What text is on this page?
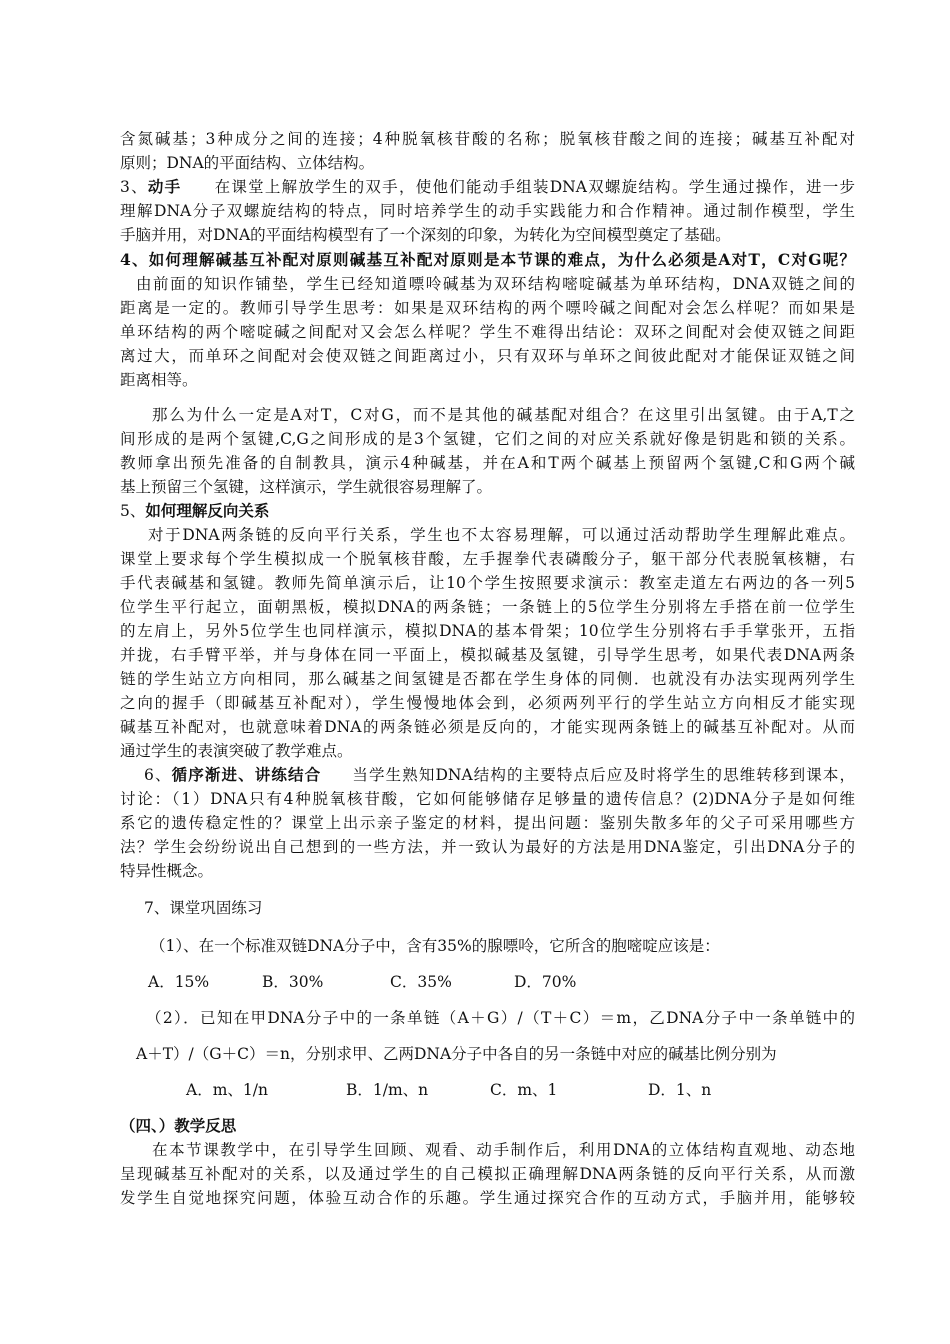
含氮碱基；3种成分之间的连接；4种脱氧核苷酸的名称；脱氧核苷酸之间的连接；碱基互补配对
原则；DNA的平面结构、立体结构。
3、动手 在课堂上解放学生的双手，使他们能动手组装DNA双螺旋结构。学生通过操作，进一步
理解DNA分子双螺旋结构的特点，同时培养学生的动手实践能力和合作精神。通过制作模型，学生
手脑并用，对DNA的平面结构模型有了一个深刻的印象，为转化为空间模型奠定了基础。
4、如何理解碱基互补配对原则碱基互补配对原则是本节课的难点，为什么必须是A对T，C对G呢？
由前面的知识作铺垫，学生已经知道嘌呤碱基为双环结构嘧啶碱基为单环结构，DNA双链之间的
距离是一定的。教师引导学生思考：如果是双环结构的两个嘌呤碱之间配对会怎么样呢？而如果是
单环结构的两个嘧啶碱之间配对又会怎么样呢？学生不难得出结论：双环之间配对会使双链之间距
离过大，而单环之间配对会使双链之间距离过小，只有双环与单环之间彼此配对才能保证双链之间
距离相等。
那么为什么一定是A对T，C对G，而不是其他的碱基配对组合？在这里引出氢键。由于A,T之
间形成的是两个氢键,C,G之间形成的是3个氢键，它们之间的对应关系就好像是钥匙和锁的关系。
教师拿出预先准备的自制教具，演示4种碱基，并在A和T两个碱基上预留两个氢键,C和G两个碱
基上预留三个氢键，这样演示，学生就很容易理解了。
5、如何理解反向关系
对于DNA两条链的反向平行关系，学生也不太容易理解，可以通过活动帮助学生理解此难点。
课堂上要求每个学生模拟成一个脱氧核苷酸，左手握拳代表磷酸分子，躯干部分代表脱氧核糖，右
手代表碱基和氢键。教师先简单演示后，让10个学生按照要求演示：教室走道左右两边的各一列5
位学生平行起立，面朝黑板，模拟DNA的两条链；一条链上的5位学生分别将左手搭在前一位学生
的左肩上，另外5位学生也同样演示，模拟DNA的基本骨架；10位学生分别将右手手掌张开，五指
并拢，右手臂平举，并与身体在同一平面上，模拟碱基及氢键，引导学生思考，如果代表DNA两条
链的学生站立方向相同，那么碱基之间氢键是否都在学生身体的同侧．也就没有办法实现两列学生
之向的握手（即碱基互补配对），学生慢慢地体会到，必须两列平行的学生站立方向相反才能实现
碱基互补配对，也就意味着DNA的两条链必须是反向的，才能实现两条链上的碱基互补配对。从而
通过学生的表演突破了教学难点。
6、循序渐进、讲练结合 当学生熟知DNA结构的主要特点后应及时将学生的思维转移到课本，
讨论：（1）DNA只有4种脱氧核苷酸，它如何能够储存足够量的遗传信息？(2)DNA分子是如何维
系它的遗传稳定性的？课堂上出示亲子鉴定的材料，提出问题：鉴别失散多年的父子可采用哪些方
法？学生会纷纷说出自己想到的一些方法，并一致认为最好的方法是用DNA鉴定，引出DNA分子的
特异性概念。
7、课堂巩固练习
（1）、在一个标准双链DNA分子中，含有35%的腺嘌呤，它所含的胞嘧啶应该是：
A．15%	B．30%	C．35%	D．70%
（2）．已知在甲DNA分子中的一条单链（A＋G）/（T＋C）＝m，乙DNA分子中一条单链中的
A＋T）/（G＋C）＝n，分别求甲、乙两DNA分子中各自的另一条链中对应的碱基比例分别为
A．m、1/n	B．1/m、n	C．m、1	D．1、n
（四、）教学反思
在本节课教学中，在引导学生回顾、观看、动手制作后，利用DNA的立体结构直观地、动态地
呈现碱基互补配对的关系，以及通过学生的自己模拟正确理解DNA两条链的反向平行关系，从而激
发学生自觉地探究问题，体验互动合作的乐趣。学生通过探究合作的互动方式，手脑并用，能够较
